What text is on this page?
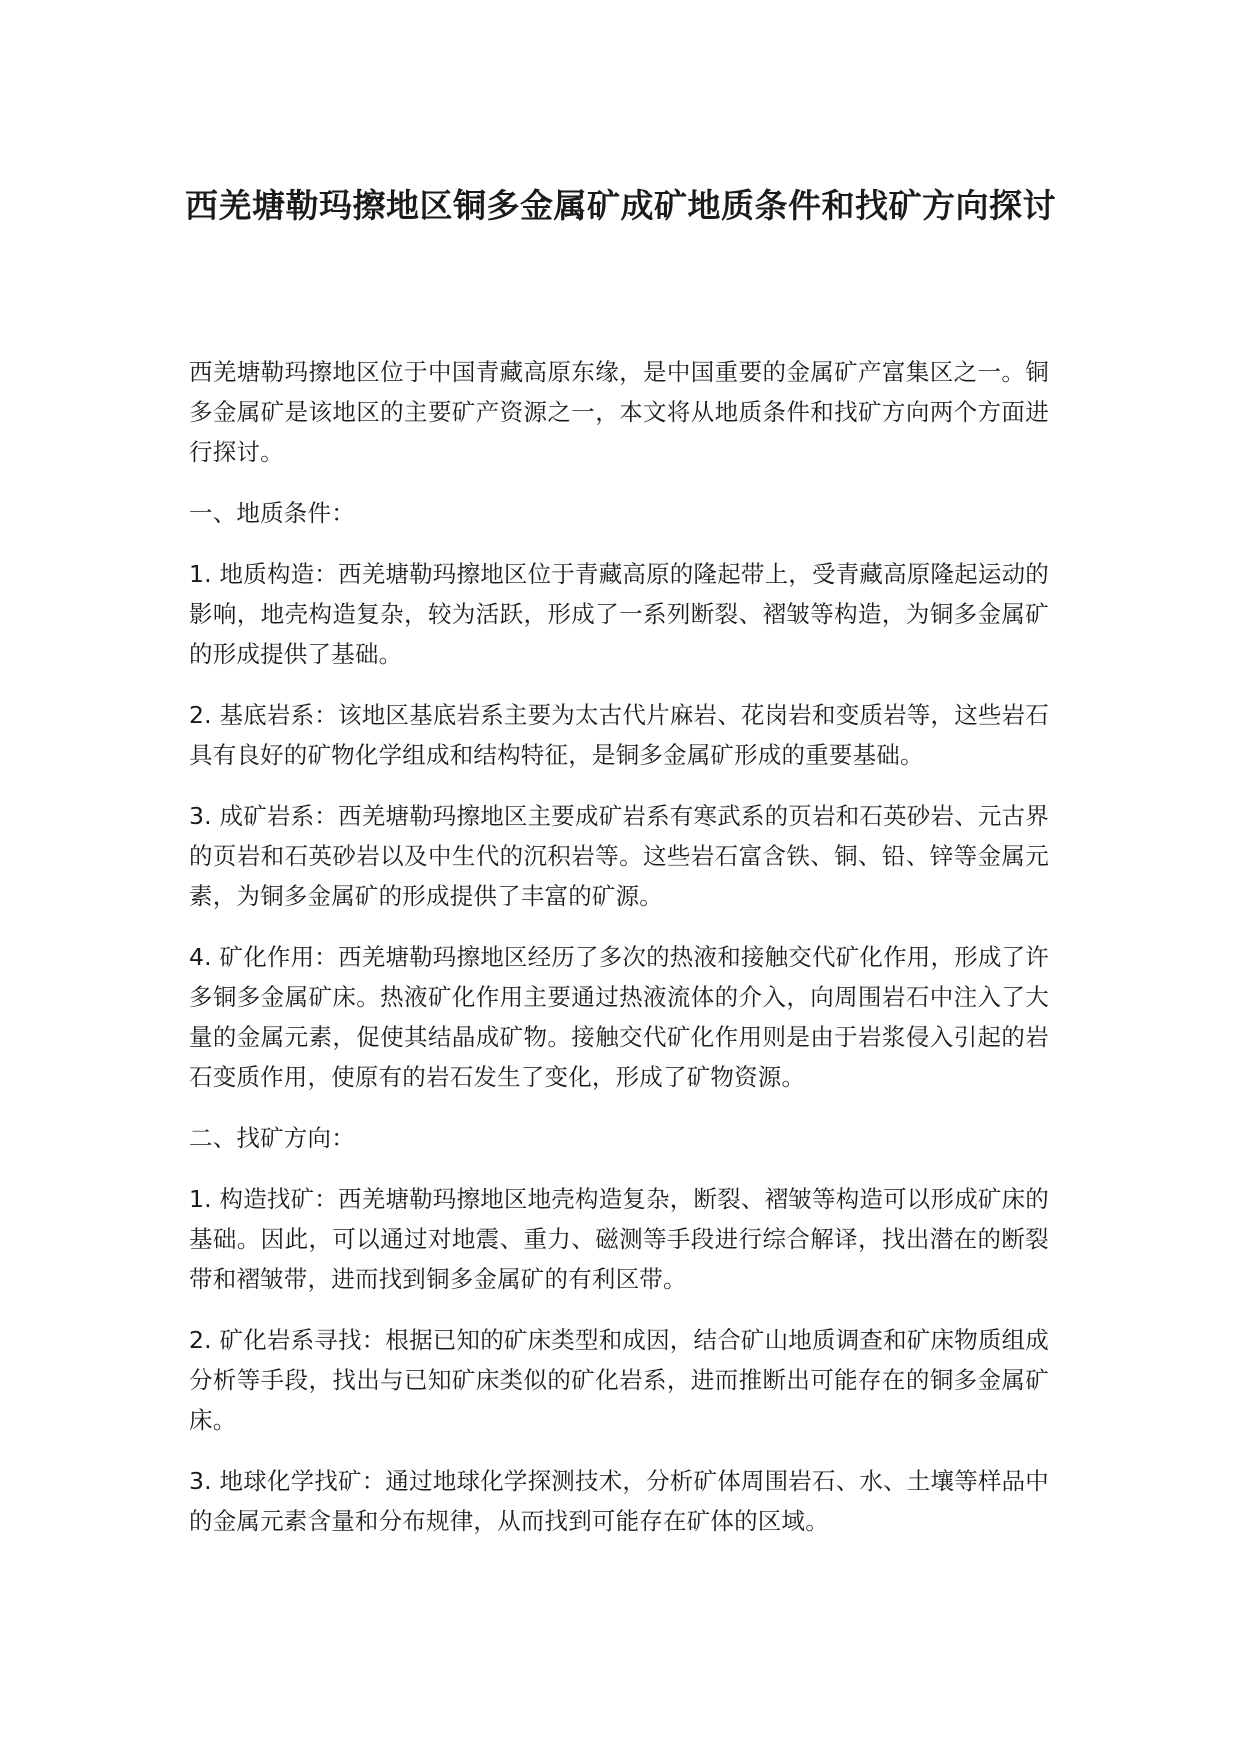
西羌塘勒玛擦地区铜多金属矿成矿地质条件和找矿方向探讨

西羌塘勒玛擦地区位于中国青藏高原东缘，是中国重要的金属矿产富集区之一。铜多金属矿是该地区的主要矿产资源之一，本文将从地质条件和找矿方向两个方面进行探讨。

一、地质条件：

1. 地质构造：西羌塘勒玛擦地区位于青藏高原的隆起带上，受青藏高原隆起运动的影响，地壳构造复杂，较为活跃，形成了一系列断裂、褶皱等构造，为铜多金属矿的形成提供了基础。

2. 基底岩系：该地区基底岩系主要为太古代片麻岩、花岗岩和变质岩等，这些岩石具有良好的矿物化学组成和结构特征，是铜多金属矿形成的重要基础。

3. 成矿岩系：西羌塘勒玛擦地区主要成矿岩系有寒武系的页岩和石英砂岩、元古界的页岩和石英砂岩以及中生代的沉积岩等。这些岩石富含铁、铜、铅、锌等金属元素，为铜多金属矿的形成提供了丰富的矿源。

4. 矿化作用：西羌塘勒玛擦地区经历了多次的热液和接触交代矿化作用，形成了许多铜多金属矿床。热液矿化作用主要通过热液流体的介入，向周围岩石中注入了大量的金属元素，促使其结晶成矿物。接触交代矿化作用则是由于岩浆侵入引起的岩石变质作用，使原有的岩石发生了变化，形成了矿物资源。

二、找矿方向：

1. 构造找矿：西羌塘勒玛擦地区地壳构造复杂，断裂、褶皱等构造可以形成矿床的基础。因此，可以通过对地震、重力、磁测等手段进行综合解译，找出潜在的断裂带和褶皱带，进而找到铜多金属矿的有利区带。

2. 矿化岩系寻找：根据已知的矿床类型和成因，结合矿山地质调查和矿床物质组成分析等手段，找出与已知矿床类似的矿化岩系，进而推断出可能存在的铜多金属矿床。

3. 地球化学找矿：通过地球化学探测技术，分析矿体周围岩石、水、土壤等样品中的金属元素含量和分布规律，从而找到可能存在矿体的区域。
